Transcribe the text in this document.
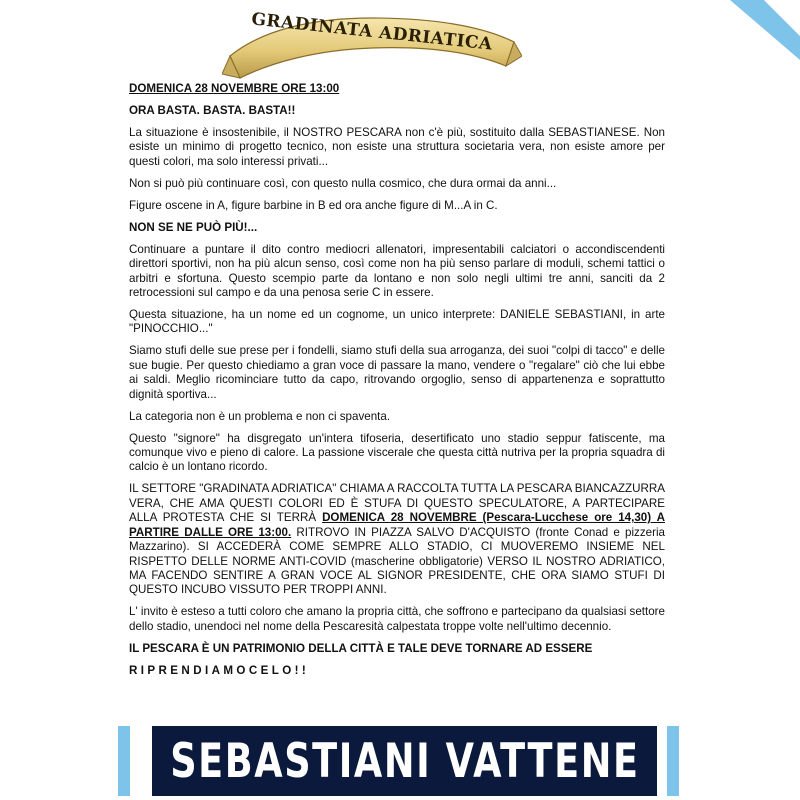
GRADINATA ADRIATICA

DOMENICA 28 NOVEMBRE ORE 13:00

ORA BASTA. BASTA. BASTA!!

La situazione è insostenibile, il NOSTRO PESCARA non c'è più, sostituito dalla SEBASTIANESE. Non esiste un minimo di progetto tecnico, non esiste una struttura societaria vera, non esiste amore per questi colori, ma solo interessi privati...

Non si può più continuare così, con questo nulla cosmico, che dura ormai da anni...

Figure oscene in A, figure barbine in B ed ora anche figure di M...A in C.

NON SE NE PUÒ PIÙ!...

Continuare a puntare il dito contro mediocri allenatori, impresentabili calciatori o accondiscendenti direttori sportivi, non ha più alcun senso, così come non ha più senso parlare di moduli, schemi tattici o arbitri e sfortuna. Questo scempio parte da lontano e non solo negli ultimi tre anni, sanciti da 2 retrocessioni sul campo e da una penosa serie C in essere.

Questa situazione, ha un nome ed un cognome, un unico interprete: DANIELE SEBASTIANI, in arte "PINOCCHIO..."

Siamo stufi delle sue prese per i fondelli, siamo stufi della sua arroganza, dei suoi "colpi di tacco" e delle sue bugie. Per questo chiediamo a gran voce di passare la mano, vendere o "regalare" ciò che lui ebbe ai saldi. Meglio ricominciare tutto da capo, ritrovando orgoglio, senso di appartenenza e soprattutto dignità sportiva...

La categoria non è un problema e non ci spaventa.

Questo "signore" ha disgregato un'intera tifoseria, desertificato uno stadio seppur fatiscente, ma comunque vivo e pieno di calore. La passione viscerale che questa città nutriva per la propria squadra di calcio è un lontano ricordo.

IL SETTORE "GRADINATA ADRIATICA" CHIAMA A RACCOLTA TUTTA LA PESCARA BIANCAZZURRA VERA, CHE AMA QUESTI COLORI ED È STUFA DI QUESTO SPECULATORE, A PARTECIPARE ALLA PROTESTA CHE SI TERRÀ DOMENICA 28 NOVEMBRE (Pescara-Lucchese ore 14,30) A PARTIRE DALLE ORE 13:00. RITROVO IN PIAZZA SALVO D'ACQUISTO (fronte Conad e pizzeria Mazzarino). SI ACCEDERÀ COME SEMPRE ALLO STADIO, CI MUOVEREMO INSIEME NEL RISPETTO DELLE NORME ANTI-COVID (mascherine obbligatorie) VERSO IL NOSTRO ADRIATICO, MA FACENDO SENTIRE A GRAN VOCE AL SIGNOR PRESIDENTE, CHE ORA SIAMO STUFI DI QUESTO INCUBO VISSUTO PER TROPPI ANNI.

L' invito è esteso a tutti coloro che amano la propria città, che soffrono e partecipano da qualsiasi settore dello stadio, unendoci nel nome della Pescaresità calpestata troppe volte nell'ultimo decennio.

IL PESCARA È UN PATRIMONIO DELLA CITTÀ E TALE DEVE TORNARE AD ESSERE

RIPRENDIAMOCELO!!

SEBASTIANI VATTENE
